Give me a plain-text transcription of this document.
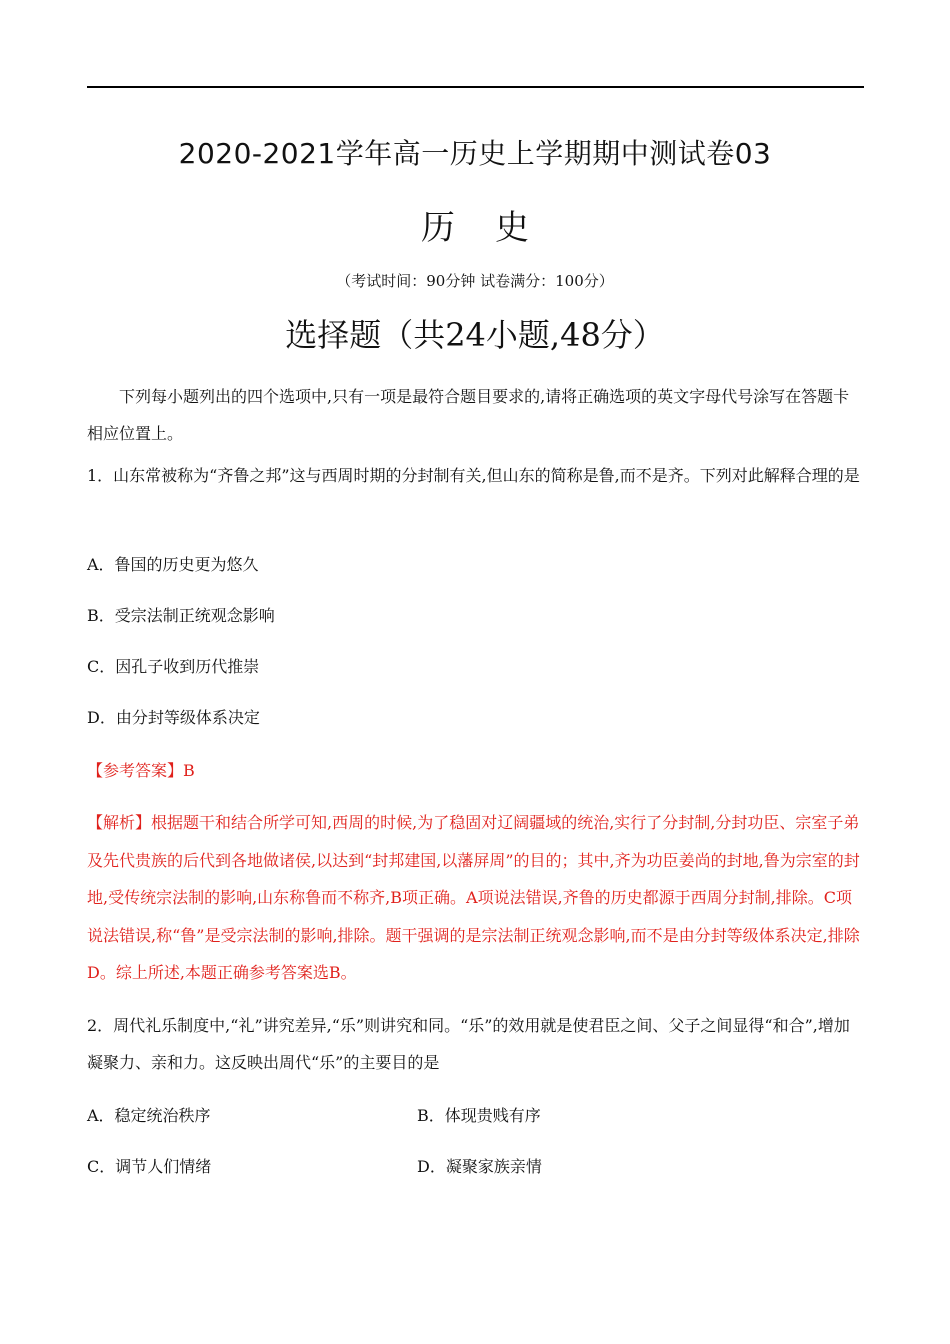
2020-2021学年高一历史上学期期中测试卷03
历史
（考试时间：90分钟 试卷满分：100分）
选择题（共24小题,48分）
下列每小题列出的四个选项中,只有一项是最符合题目要求的,请将正确选项的英文字母代号涂写在答题卡相应位置上。
1．山东常被称为“齐鲁之邦”这与西周时期的分封制有关,但山东的简称是鲁,而不是齐。下列对此解释合理的是
A．鲁国的历史更为悠久
B．受宗法制正统观念影响
C．因孔子收到历代推崇
D．由分封等级体系决定
【参考答案】B
【解析】根据题干和结合所学可知,西周的时候,为了稳固对辽阔疆域的统治,实行了分封制,分封功臣、宗室子弟及先代贵族的后代到各地做诸侯,以达到“封邦建国,以藩屏周”的目的；其中,齐为功臣姜尚的封地,鲁为宗室的封地,受传统宗法制的影响,山东称鲁而不称齐,B项正确。A项说法错误,齐鲁的历史都源于西周分封制,排除。C项说法错误,称“鲁”是受宗法制的影响,排除。题干强调的是宗法制正统观念影响,而不是由分封等级体系决定,排除D。综上所述,本题正确参考答案选B。
2．周代礼乐制度中,“礼”讲究差异,“乐”则讲究和同。“乐”的效用就是使君臣之间、父子之间显得“和合”,增加凝聚力、亲和力。这反映出周代“乐”的主要目的是
A．稳定统治秩序	B．体现贵贱有序
C．调节人们情绪	D．凝聚家族亲情
